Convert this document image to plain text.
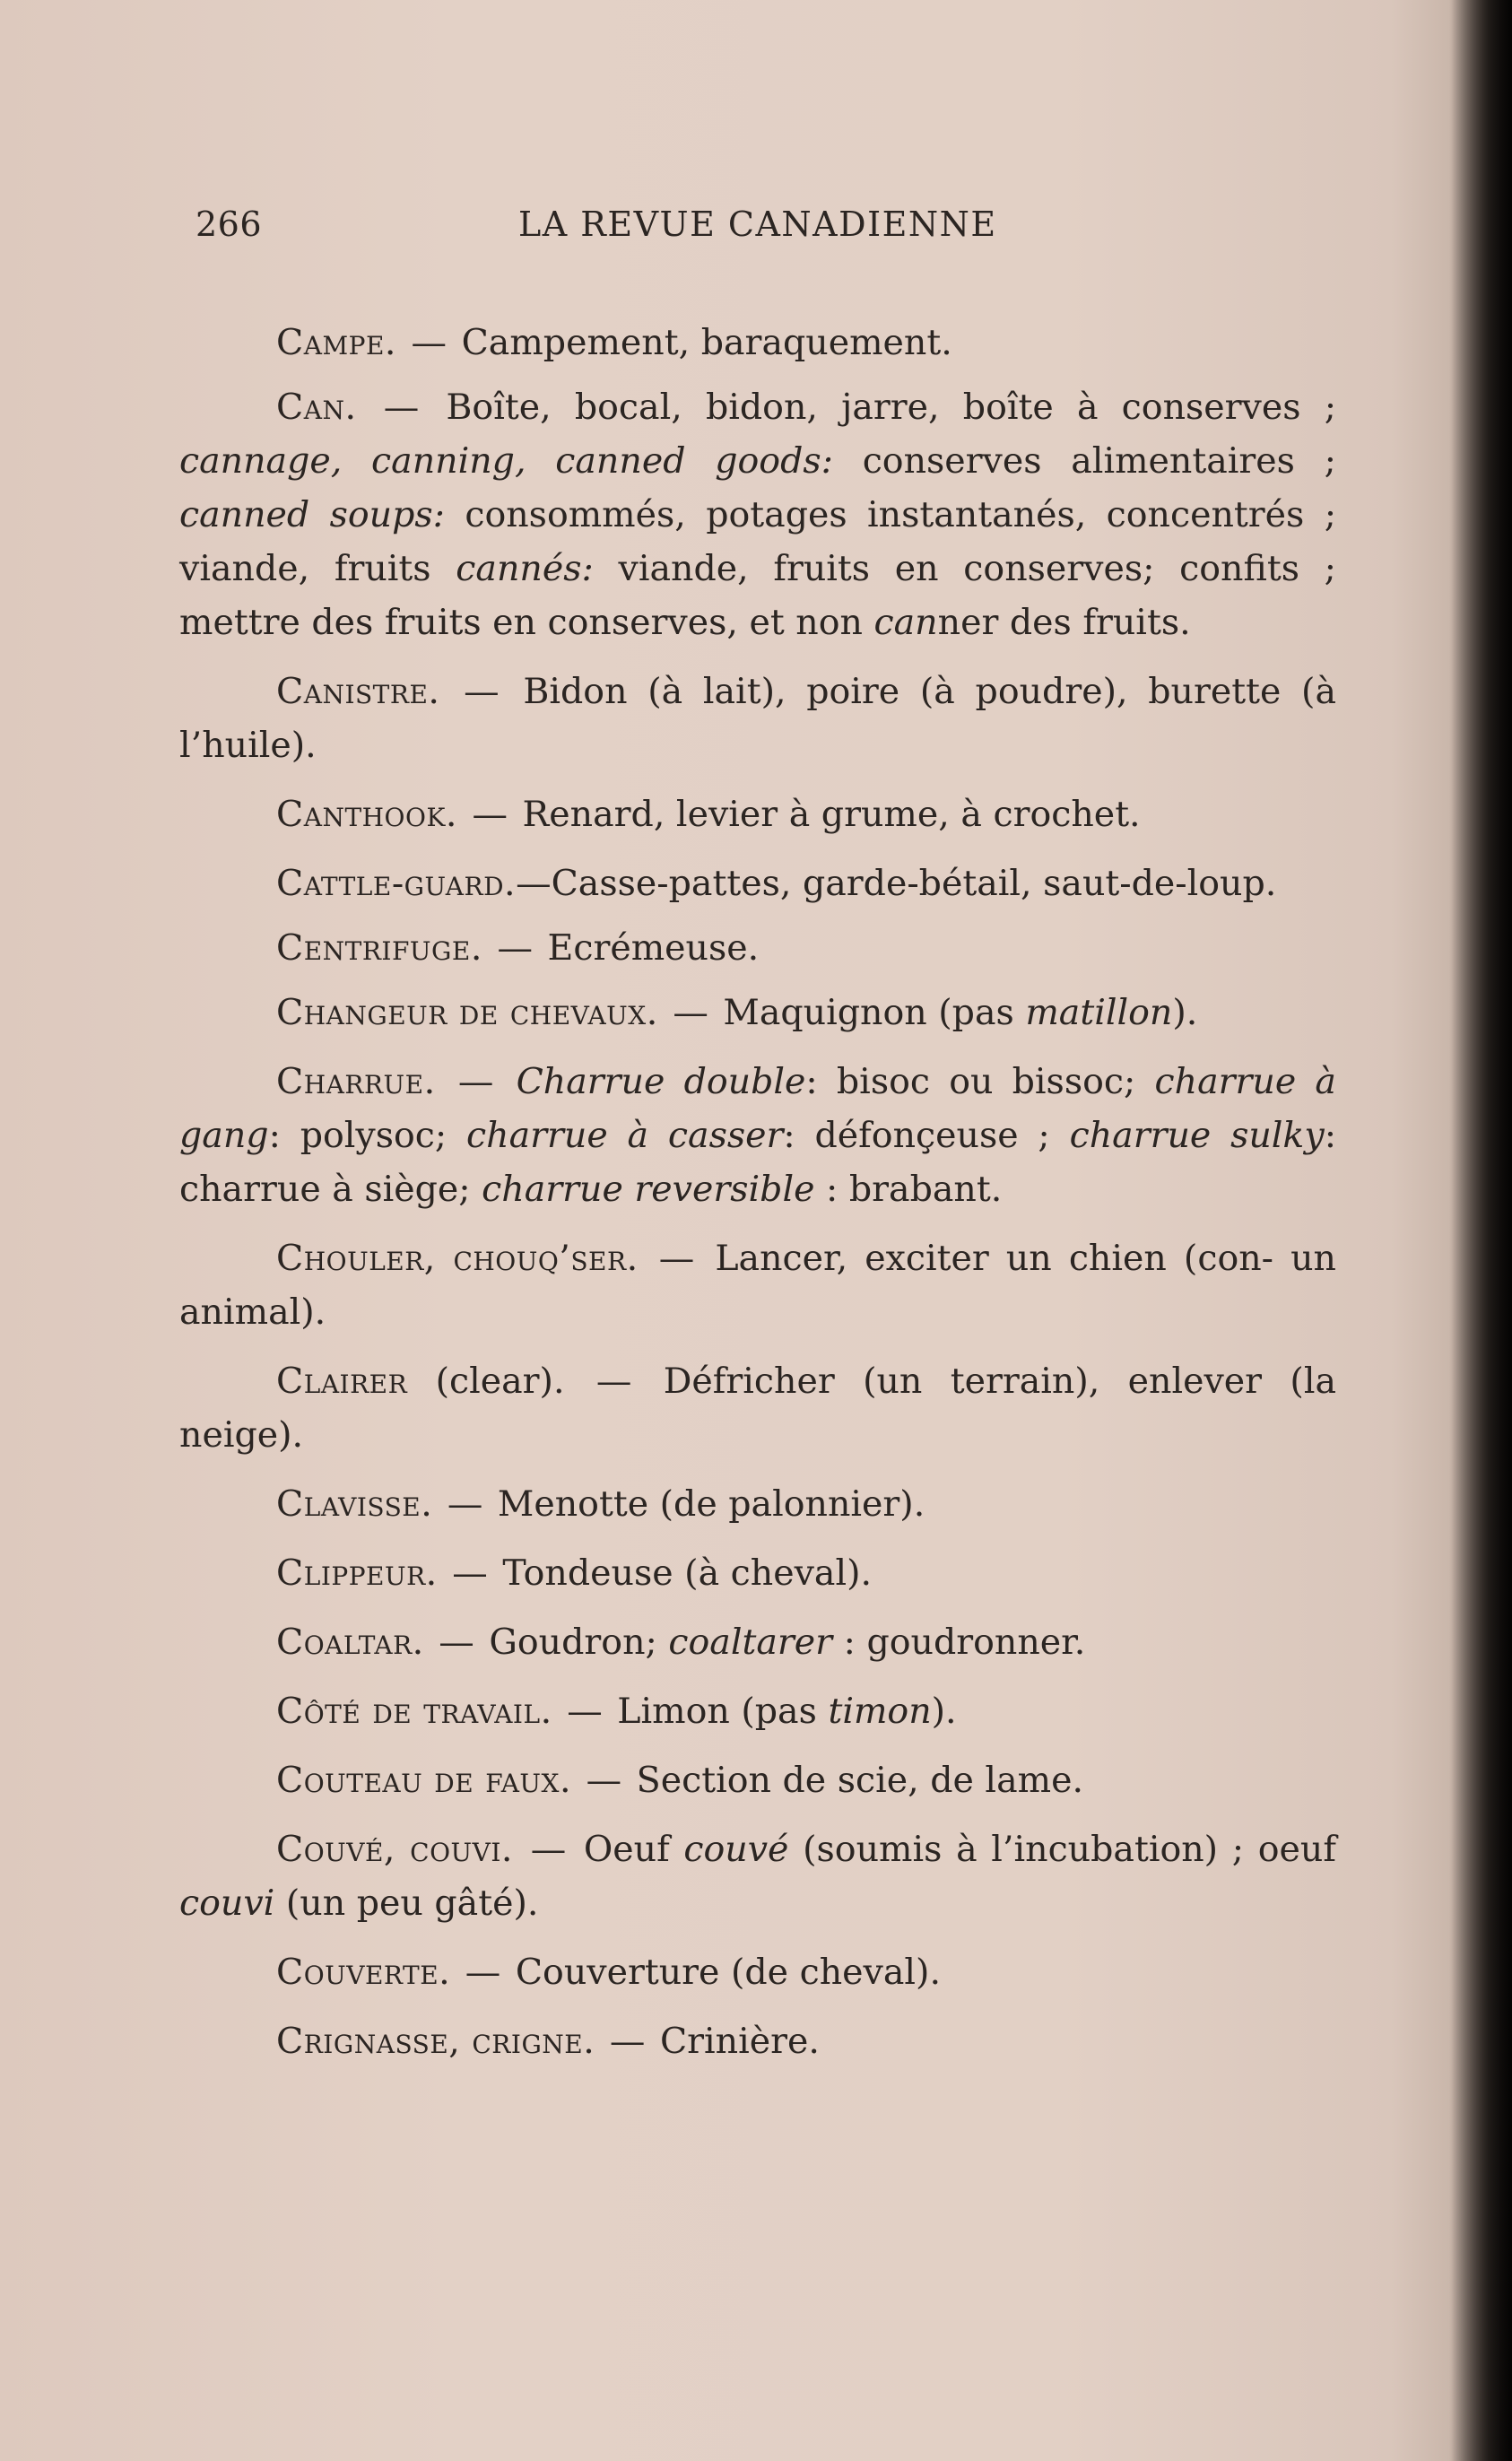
266	LA REVUE CANADIENNE

Campe. — Campement, baraquement.

Can. — Boîte, bocal, bidon, jarre, boîte à conserves ; cannage, canning, canned goods: conserves alimentaires ; canned soups: consommés, potages instantanés, concentrés ; viande, fruits cannés: viande, fruits en conserves; confits ; mettre des fruits en conserves, et non canner des fruits.

Canistre. — Bidon (à lait), poire (à poudre), burette (à l’huile).

Canthook. — Renard, levier à grume, à crochet.

Cattle-guard.—Casse-pattes, garde-bétail, saut-de-loup.

Centrifuge. — Ecrémeuse.

Changeur de chevaux. — Maquignon (pas matillon).

Charrue. — Charrue double: bisoc ou bissoc; charrue à gang: polysoc; charrue à casser: défonçeuse ; charrue sulky: charrue à siège; charrue reversible : brabant.

Chouler, chouq’ser. — Lancer, exciter un chien (con- un animal).

Clairer (clear). — Défricher (un terrain), enlever (la neige).

Clavisse. — Menotte (de palonnier).

Clippeur. — Tondeuse (à cheval).

Coaltar. — Goudron; coaltarer : goudronner.

Côté de travail. — Limon (pas timon).

Couteau de faux. — Section de scie, de lame.

Couvé, couvi. — Oeuf couvé (soumis à l’incubation) ; oeuf couvi (un peu gâté).

Couverte. — Couverture (de cheval).

Crignasse, crigne. — Crinière.
